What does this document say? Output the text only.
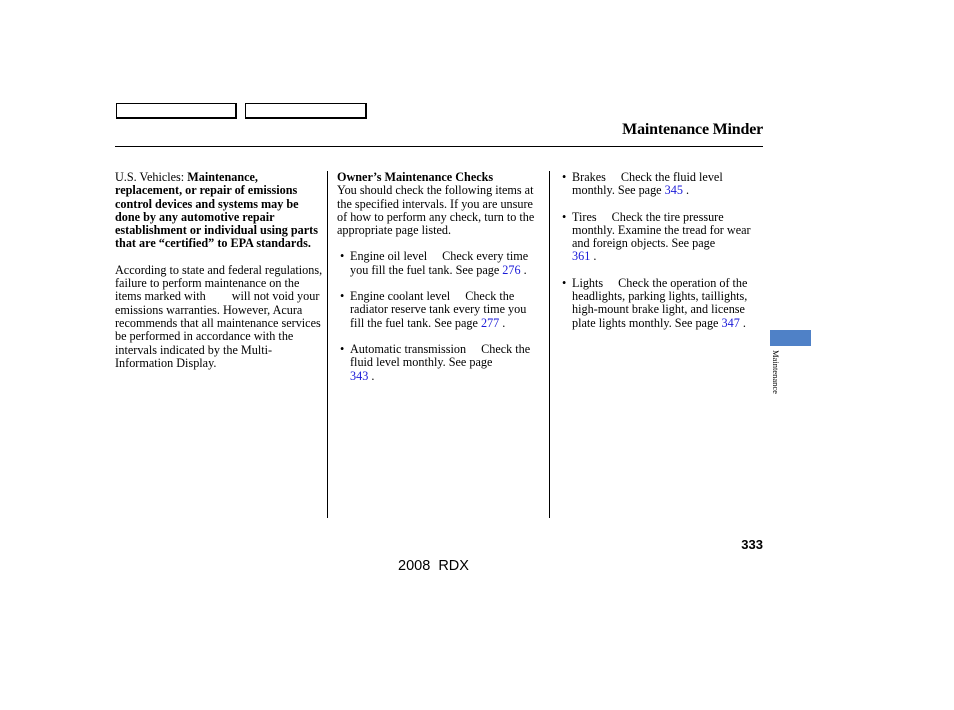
Maintenance Minder

U.S. Vehicles: Maintenance, replacement, or repair of emissions control devices and systems may be done by any automotive repair establishment or individual using parts that are “certified” to EPA standards.

According to state and federal regulations, failure to perform maintenance on the items marked with will not void your emissions warranties. However, Acura recommends that all maintenance services be performed in accordance with the intervals indicated by the Multi-Information Display.

Owner’s Maintenance Checks

You should check the following items at the specified intervals. If you are unsure of how to perform any check, turn to the appropriate page listed.

• Engine oil level Check every time you fill the fuel tank. See page 276 .

• Engine coolant level Check the radiator reserve tank every time you fill the fuel tank. See page 277 .

• Automatic transmission Check the fluid level monthly. See page
343 .

• Brakes Check the fluid level monthly. See page 345 .

• Tires Check the tire pressure monthly. Examine the tread for wear and foreign objects. See page
361 .

• Lights Check the operation of the headlights, parking lights, taillights, high-mount brake light, and license plate lights monthly. See page 347 .

Maintenance
333
2008  RDX
